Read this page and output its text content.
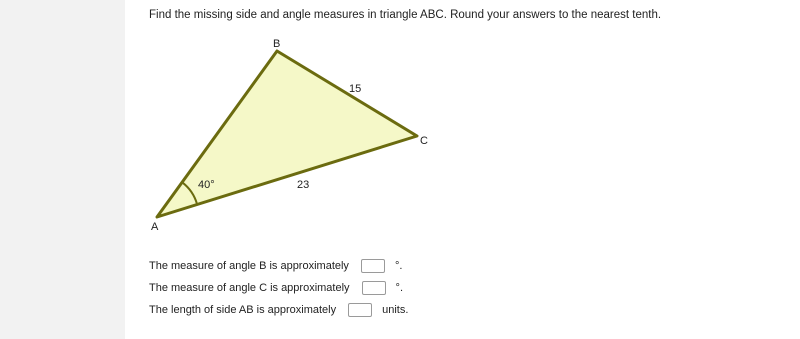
Find the missing side and angle measures in triangle ABC. Round your answers to the nearest tenth.
B
C
A
15
23
40°
The measure of angle B is approximately	°.
The measure of angle C is approximately	°.
The length of side AB is approximately	units.
